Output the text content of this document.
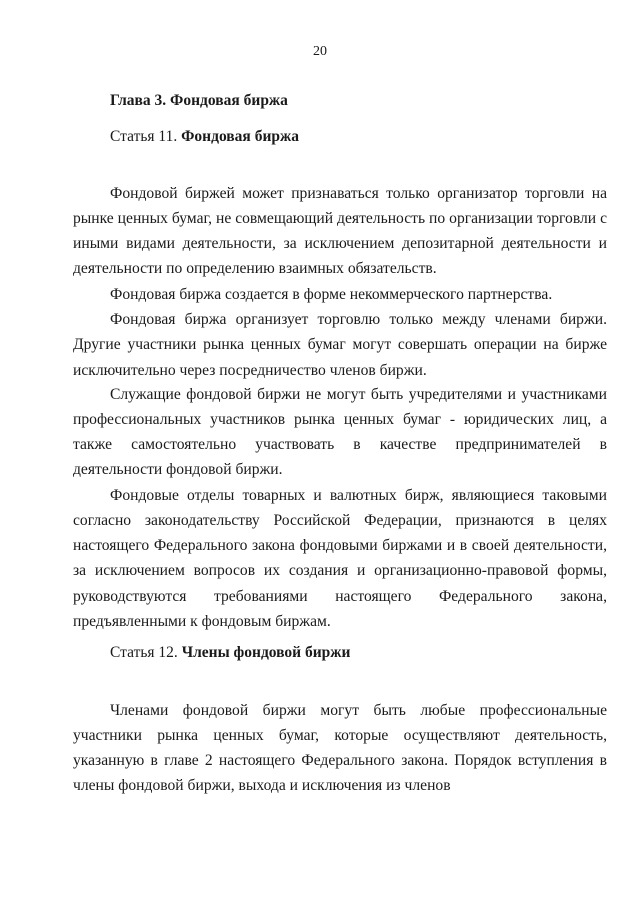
20
Глава 3. Фондовая биржа
Статья 11. Фондовая биржа

Фондовой биржей может признаваться только организатор торговли на рынке ценных бумаг, не совмещающий деятельность по организации торговли с иными видами деятельности, за исключением депозитарной деятельности и деятельности по определению взаимных обязательств.

Фондовая биржа создается в форме некоммерческого партнерства.

Фондовая биржа организует торговлю только между членами биржи. Другие участники рынка ценных бумаг могут совершать операции на бирже исключительно через посредничество членов биржи.

Служащие фондовой биржи не могут быть учредителями и участниками профессиональных участников рынка ценных бумаг - юридических лиц, а также самостоятельно участвовать в качестве предпринимателей в деятельности фондовой биржи.

Фондовые отделы товарных и валютных бирж, являющиеся таковыми согласно законодательству Российской Федерации, признаются в целях настоящего Федерального закона фондовыми биржами и в своей деятельности, за исключением вопросов их создания и организационно-правовой формы, руководствуются требованиями настоящего Федерального закона, предъявленными к фондовым биржам.

Статья 12. Члены фондовой биржи

Членами фондовой биржи могут быть любые профессиональные участники рынка ценных бумаг, которые осуществляют деятельность, указанную в главе 2 настоящего Федерального закона. Порядок вступления в члены фондовой биржи, выхода и исключения из членов
